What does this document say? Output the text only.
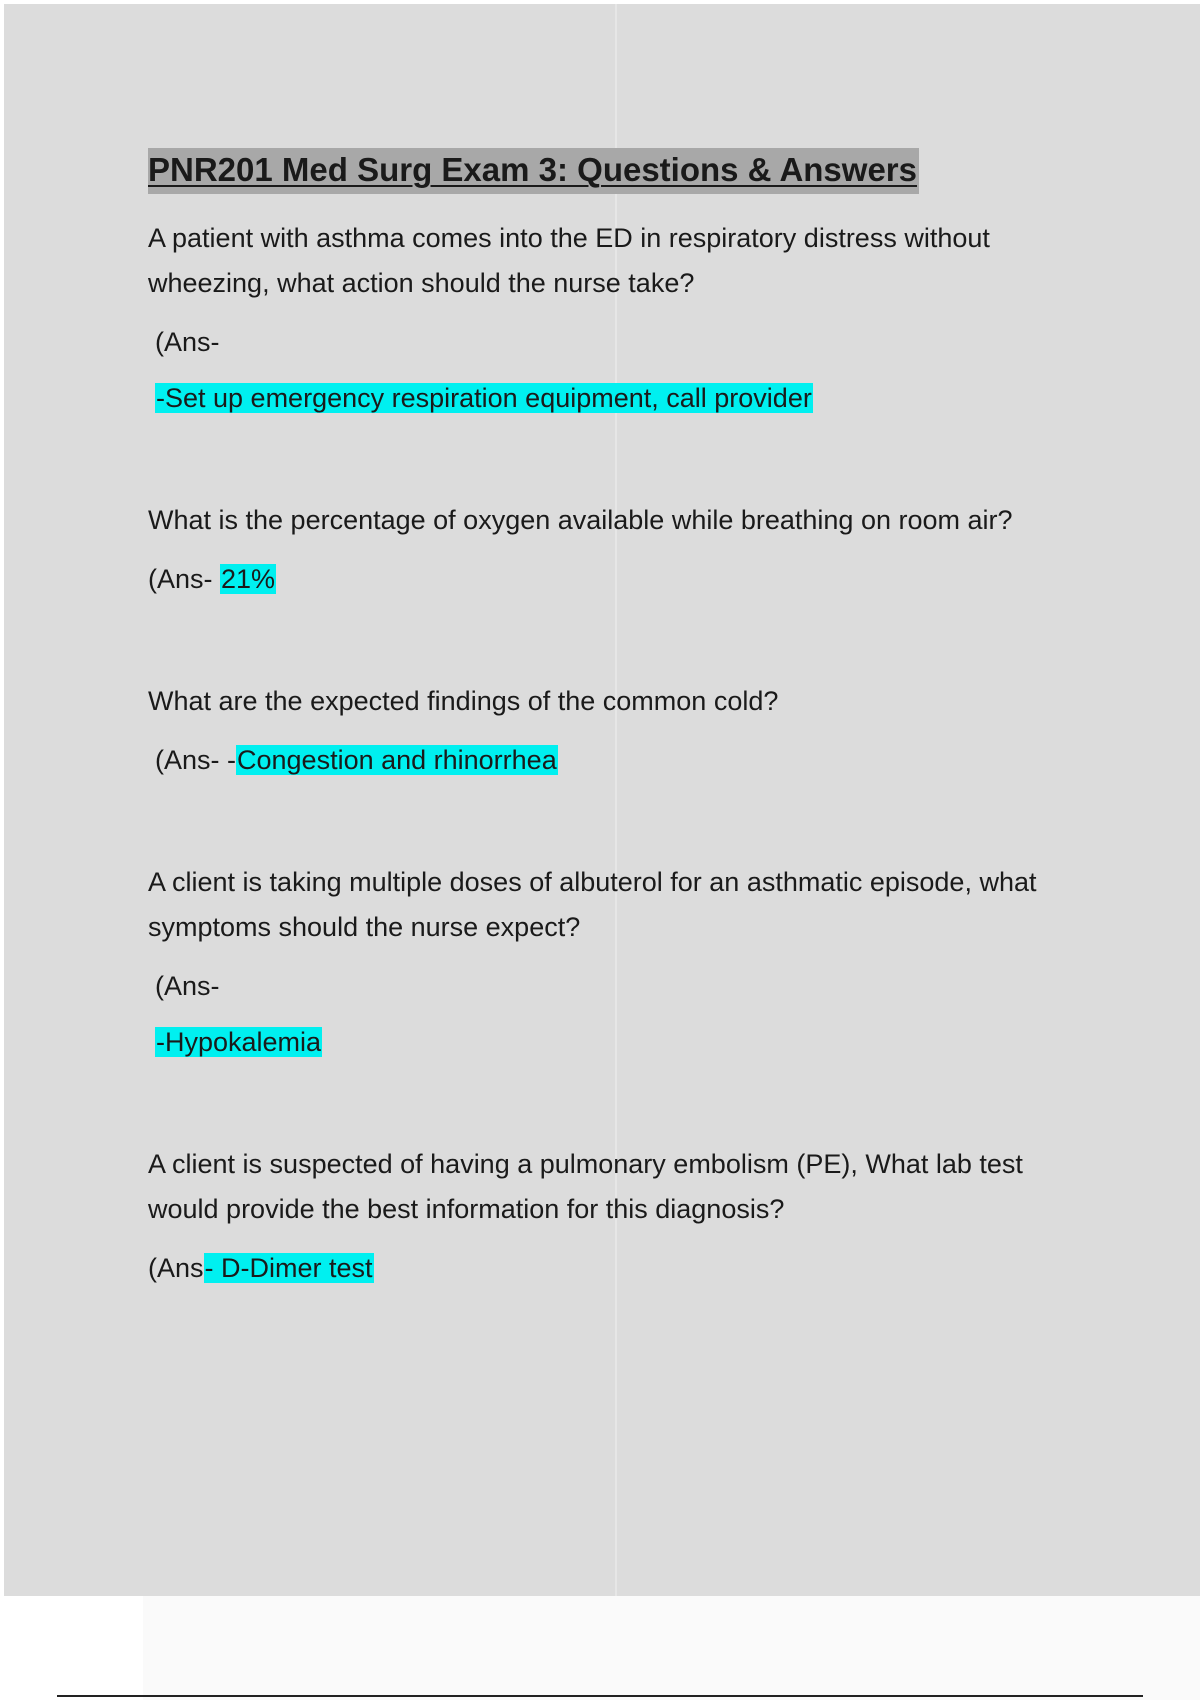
PNR201 Med Surg Exam 3: Questions & Answers

A patient with asthma comes into the ED in respiratory distress without wheezing, what action should the nurse take?

(Ans-

-Set up emergency respiration equipment, call provider

What is the percentage of oxygen available while breathing on room air?

(Ans- 21%

What are the expected findings of the common cold?

(Ans- -Congestion and rhinorrhea

A client is taking multiple doses of albuterol for an asthmatic episode, what symptoms should the nurse expect?

(Ans-

-Hypokalemia

A client is suspected of having a pulmonary embolism (PE), What lab test would provide the best information for this diagnosis?

(Ans- D-Dimer test
